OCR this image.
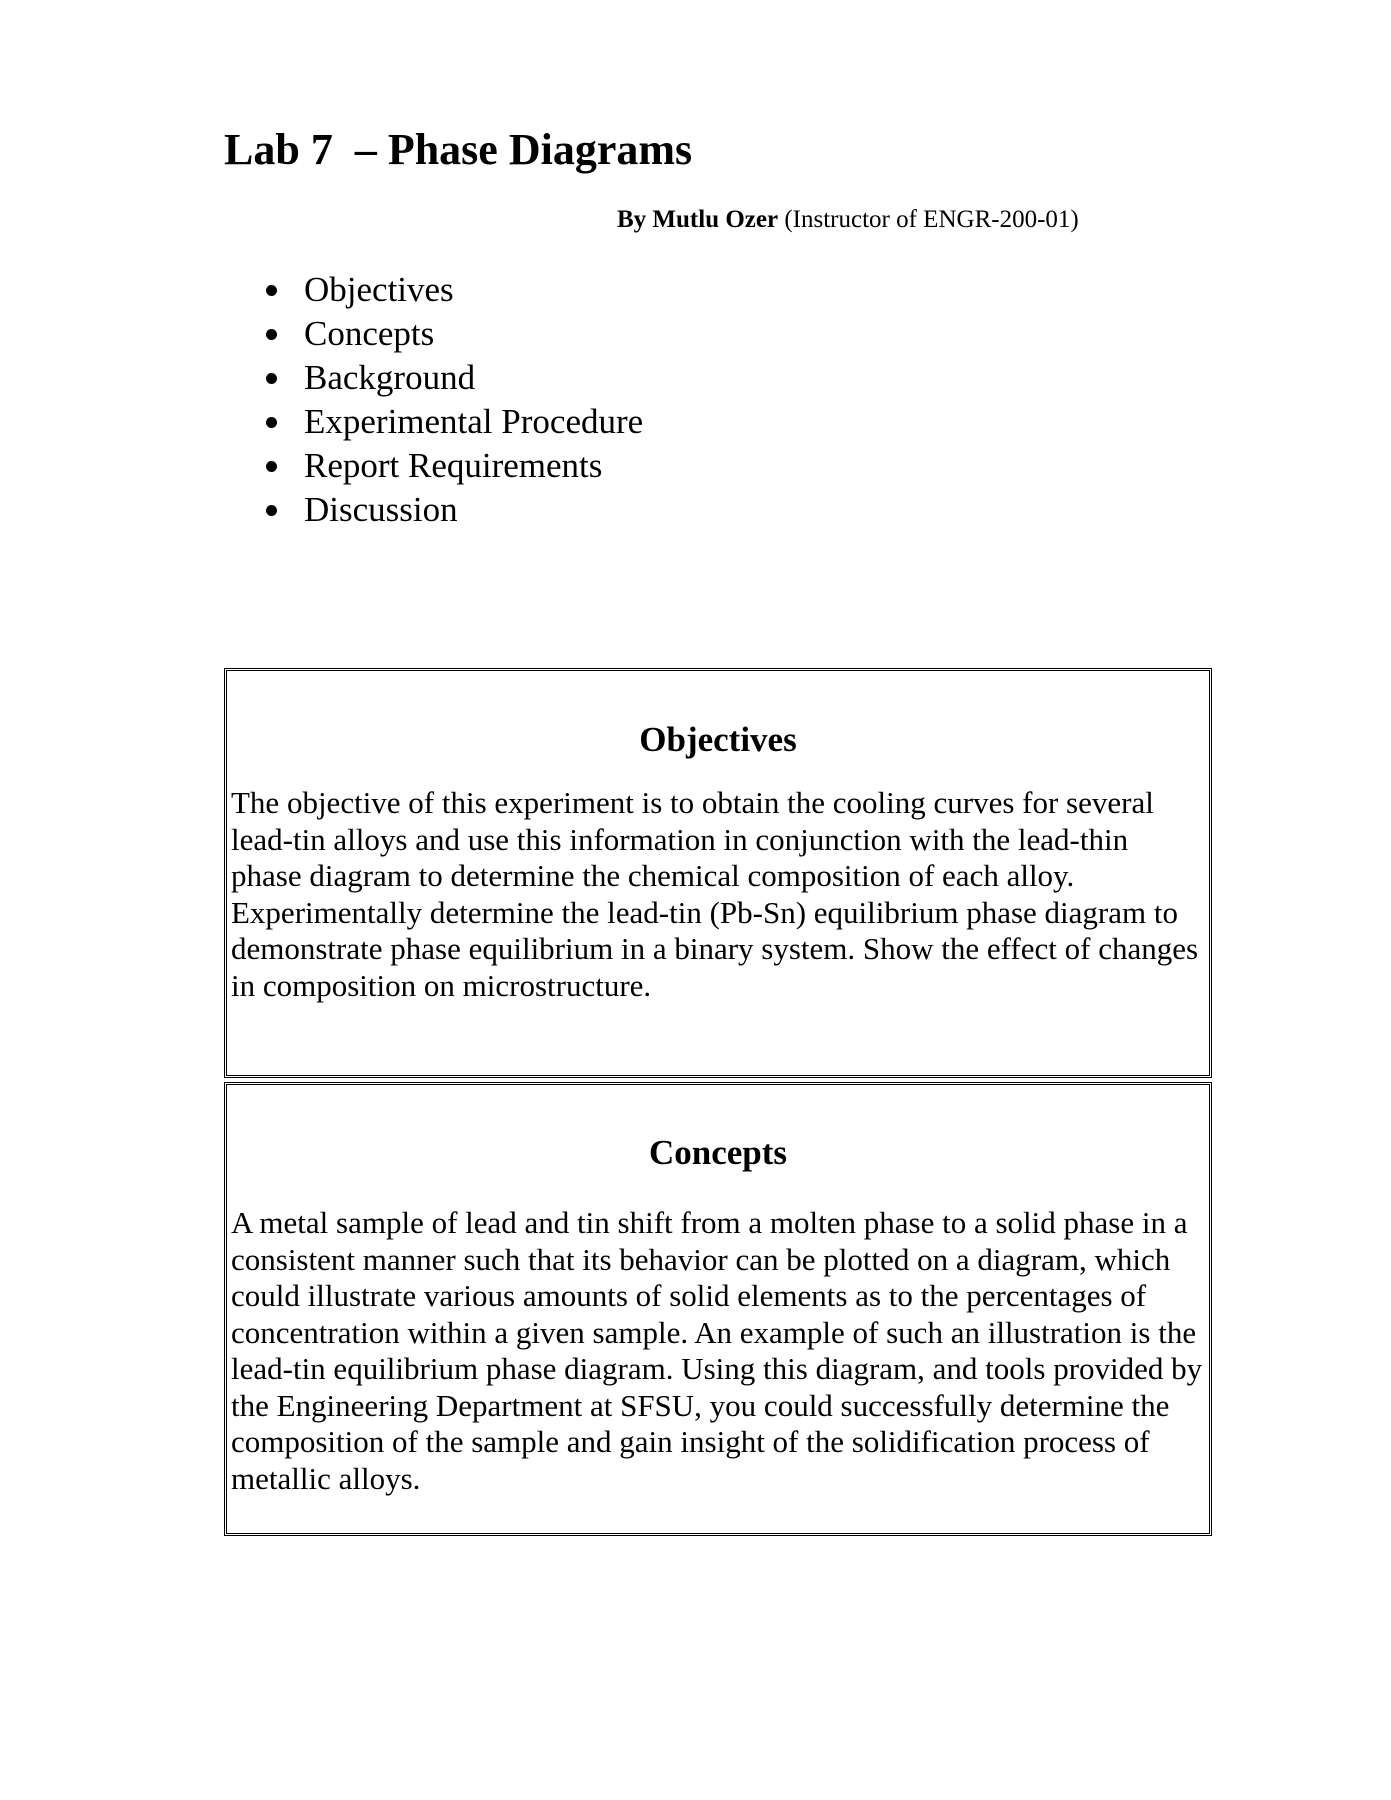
Lab 7  – Phase Diagrams
By Mutlu Ozer (Instructor of ENGR-200-01)
Objectives
Concepts
Background
Experimental Procedure
Report Requirements
Discussion
Objectives

The objective of this experiment is to obtain the cooling curves for several lead-tin alloys and use this information in conjunction with the lead-thin phase diagram to determine the chemical composition of each alloy. Experimentally determine the lead-tin (Pb-Sn) equilibrium phase diagram to demonstrate phase equilibrium in a binary system. Show the effect of changes in composition on microstructure.

Concepts

A metal sample of lead and tin shift from a molten phase to a solid phase in a consistent manner such that its behavior can be plotted on a diagram, which could illustrate various amounts of solid elements as to the percentages of concentration within a given sample. An example of such an illustration is the lead-tin equilibrium phase diagram. Using this diagram, and tools provided by the Engineering Department at SFSU, you could successfully determine the composition of the sample and gain insight of the solidification process of metallic alloys.
